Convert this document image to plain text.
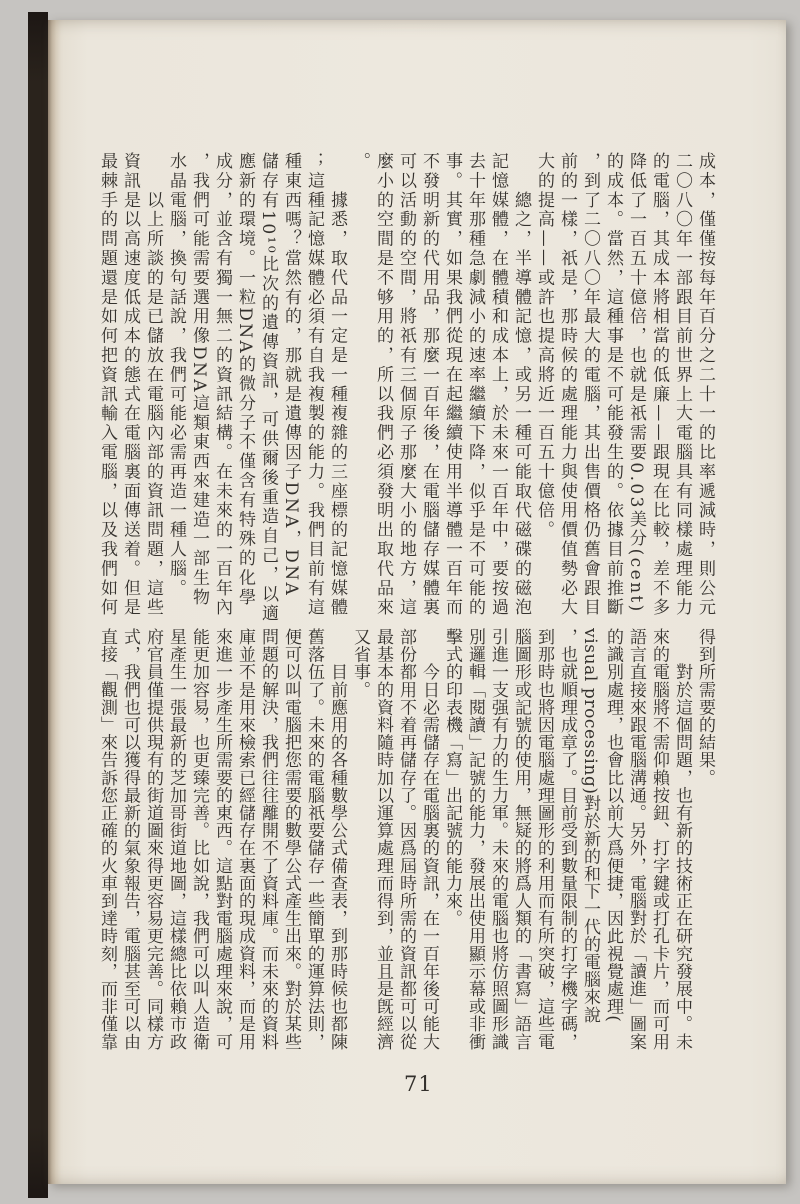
成本，僅僅按每年百分之二十一的比率遞減時，則公元
二〇八〇年一部跟目前世界上大電腦具有同樣處理能力
的電腦，其成本將相當的低廉——跟現在比較，差不多
降低了一百五十億倍，也就是祇需要0.03美分(cent)
的成本。當然，這種事是不可能發生的。依據目前推斷
，到了二〇八〇年最大的電腦，其出售價格仍舊會跟目
前的一樣，祇是，那時候的處理能力與使用價值勢必大
大的提高——或許也提高將近一百五十億倍。
　　總之，半導體記憶，或另一種可能取代磁碟的磁泡
記憶媒體，在體積和成本上，於未來一百年中，要按過
去十年那種急劇減小的速率繼續下降，似乎是不可能的
事。其實，如果我們從現在起繼續使用半導體一百年而
不發明新的代用品，那麼一百年後，在電腦儲存媒體裏
可以活動的空間，將祇有三個原子那麼大小的地方，這
麼小的空間是不够用的，所以我們必須發明出取代品來
。
　　據悉，取代品一定是一種複雜的三座標的記憶媒體
；這種記憶媒體必須有自我複製的能力。我們目前有這
種東西嗎？當然有的，那就是遺傳因子DNA，DNA
儲存有10¹⁰比次的遺傳資訊，可供爾後重造自己，以適
應新的環境。一粒DNA的微分子不僅含有特殊的化學
成分，並含有獨一無二的資訊結構。在未來的一百年內
，我們可能需要選用像DNA這類東西來建造一部生物
水晶電腦，換句話說，我們可能必需再造一種人腦。
　　以上所談的是已儲放在電腦內部的資訊問題，這些
資訊是以高速度低成本的態式在電腦裏面傳送着。但是
最棘手的問題還是如何把資訊輸入電腦，以及我們如何
得到所需要的結果。
　　對於這個問題，也有新的技術正在研究發展中。未
來的電腦將不需仰賴按鈕、打字鍵或打孔卡片，而可用
語言直接來跟電腦溝通。另外，電腦對於「讀進」圖案
的識別處理，也會比以前大爲便捷，因此視覺處理(
visual processing)對於新的和下一代的電腦來說
，也就順理成章了。目前受到數量限制的打字機字碼，
到那時也將因電腦處理圖形的利用而有所突破，這些電
腦圖形或記號的使用，無疑的將爲人類的「書寫」語言
引進一支强有力的生力軍。未來的電腦也將仿照圖形識
別邏輯「閱讀」記號的能力，發展出使用顯示幕或非衝
擊式的印表機「寫」出記號的能力來。
　　今日必需儲存在電腦裏的資訊，在一百年後可能大
部份都用不着再儲存了。因爲屆時所需的資訊都可以從
最基本的資料隨時加以運算處理而得到，並且是旣經濟
又省事。
　　目前應用的各種數學公式備查表，到那時候也都陳
舊落伍了。未來的電腦祇要儲存一些簡單的運算法則，
便可以叫電腦把您需要的數學公式產生出來。對於某些
問題的解決，我們往往離開不了資料庫。而未來的資料
庫並不是用來檢索已經儲存在裏面的現成資料，而是用
來進一步產生所需要的東西。這點對電腦處理來說，可
能更加容易，也更臻完善。比如說，我們可以叫人造衛
星產生一張最新的芝加哥街道地圖，這樣總比依賴市政
府官員僅提供現有的街道圖來得更容易更完善。同樣方
式，我們也可以獲得最新的氣象報告，電腦甚至可以由
直接「觀測」來告訴您正確的火車到達時刻，而非僅靠
71
